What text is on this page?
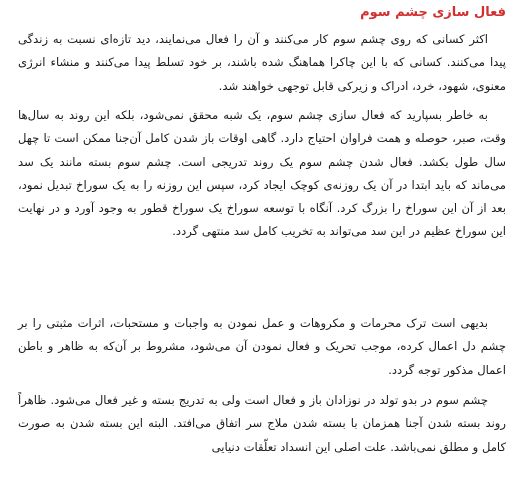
فعال سازی چشم سوم

اکثر کسانی که روی چشم سوم کار می‌کنند و آن را فعال می‌نمایند، دید تازه‌ای نسبت به زندگی پیدا می‌کنند. کسانی که با این چاکرا هماهنگ شده باشند، بر خود تسلط پیدا می‌کنند و منشاء انرژی معنوی، شهود، خرد، ادراک و زیرکی قابل توجهی خواهند شد.

به خاطر بسپارید که فعال سازی چشم سوم، یک شبه محقق نمی‌شود، بلکه این روند به سال‌ها وقت، صبر، حوصله و همت فراوان احتیاج دارد. گاهی اوقات باز شدن کامل آن‌جنا ممکن است تا چهل سال طول بکشد. فعال شدن چشم سوم یک روند تدریجی است. چشم سوم بسته مانند یک سد می‌ماند که باید ابتدا در آن یک روزنه‌ی کوچک ایجاد کرد، سپس این روزنه را به یک سوراخ تبدیل نمود، بعد از آن این سوراخ را بزرگ کرد. آنگاه با توسعه سوراخ یک سوراخ قطور به وجود آورد و در نهایت این سوراخ عظیم در این سد می‌تواند به تخریب کامل سد منتهی گردد.

بدیهی است ترک محرمات و مکروهات و عمل نمودن به واجبات و مستحبات، اثرات مثبتی را بر چشم دل اعمال کرده، موجب تحریک و فعال نمودن آن می‌شود، مشروط بر آن‌که به ظاهر و باطن اعمال مذکور توجه گردد.

چشم سوم در بدو تولد در نوزادان باز و فعال است ولی به تدریج بسته و غیر فعال می‌شود. ظاهراً روند بسته شدن آجنا همزمان با بسته شدن ملاج سر اتفاق می‌افتد. البته این بسته شدن به صورت کامل و مطلق نمی‌باشد. علت اصلی این انسداد تعلّقات دنیایی
